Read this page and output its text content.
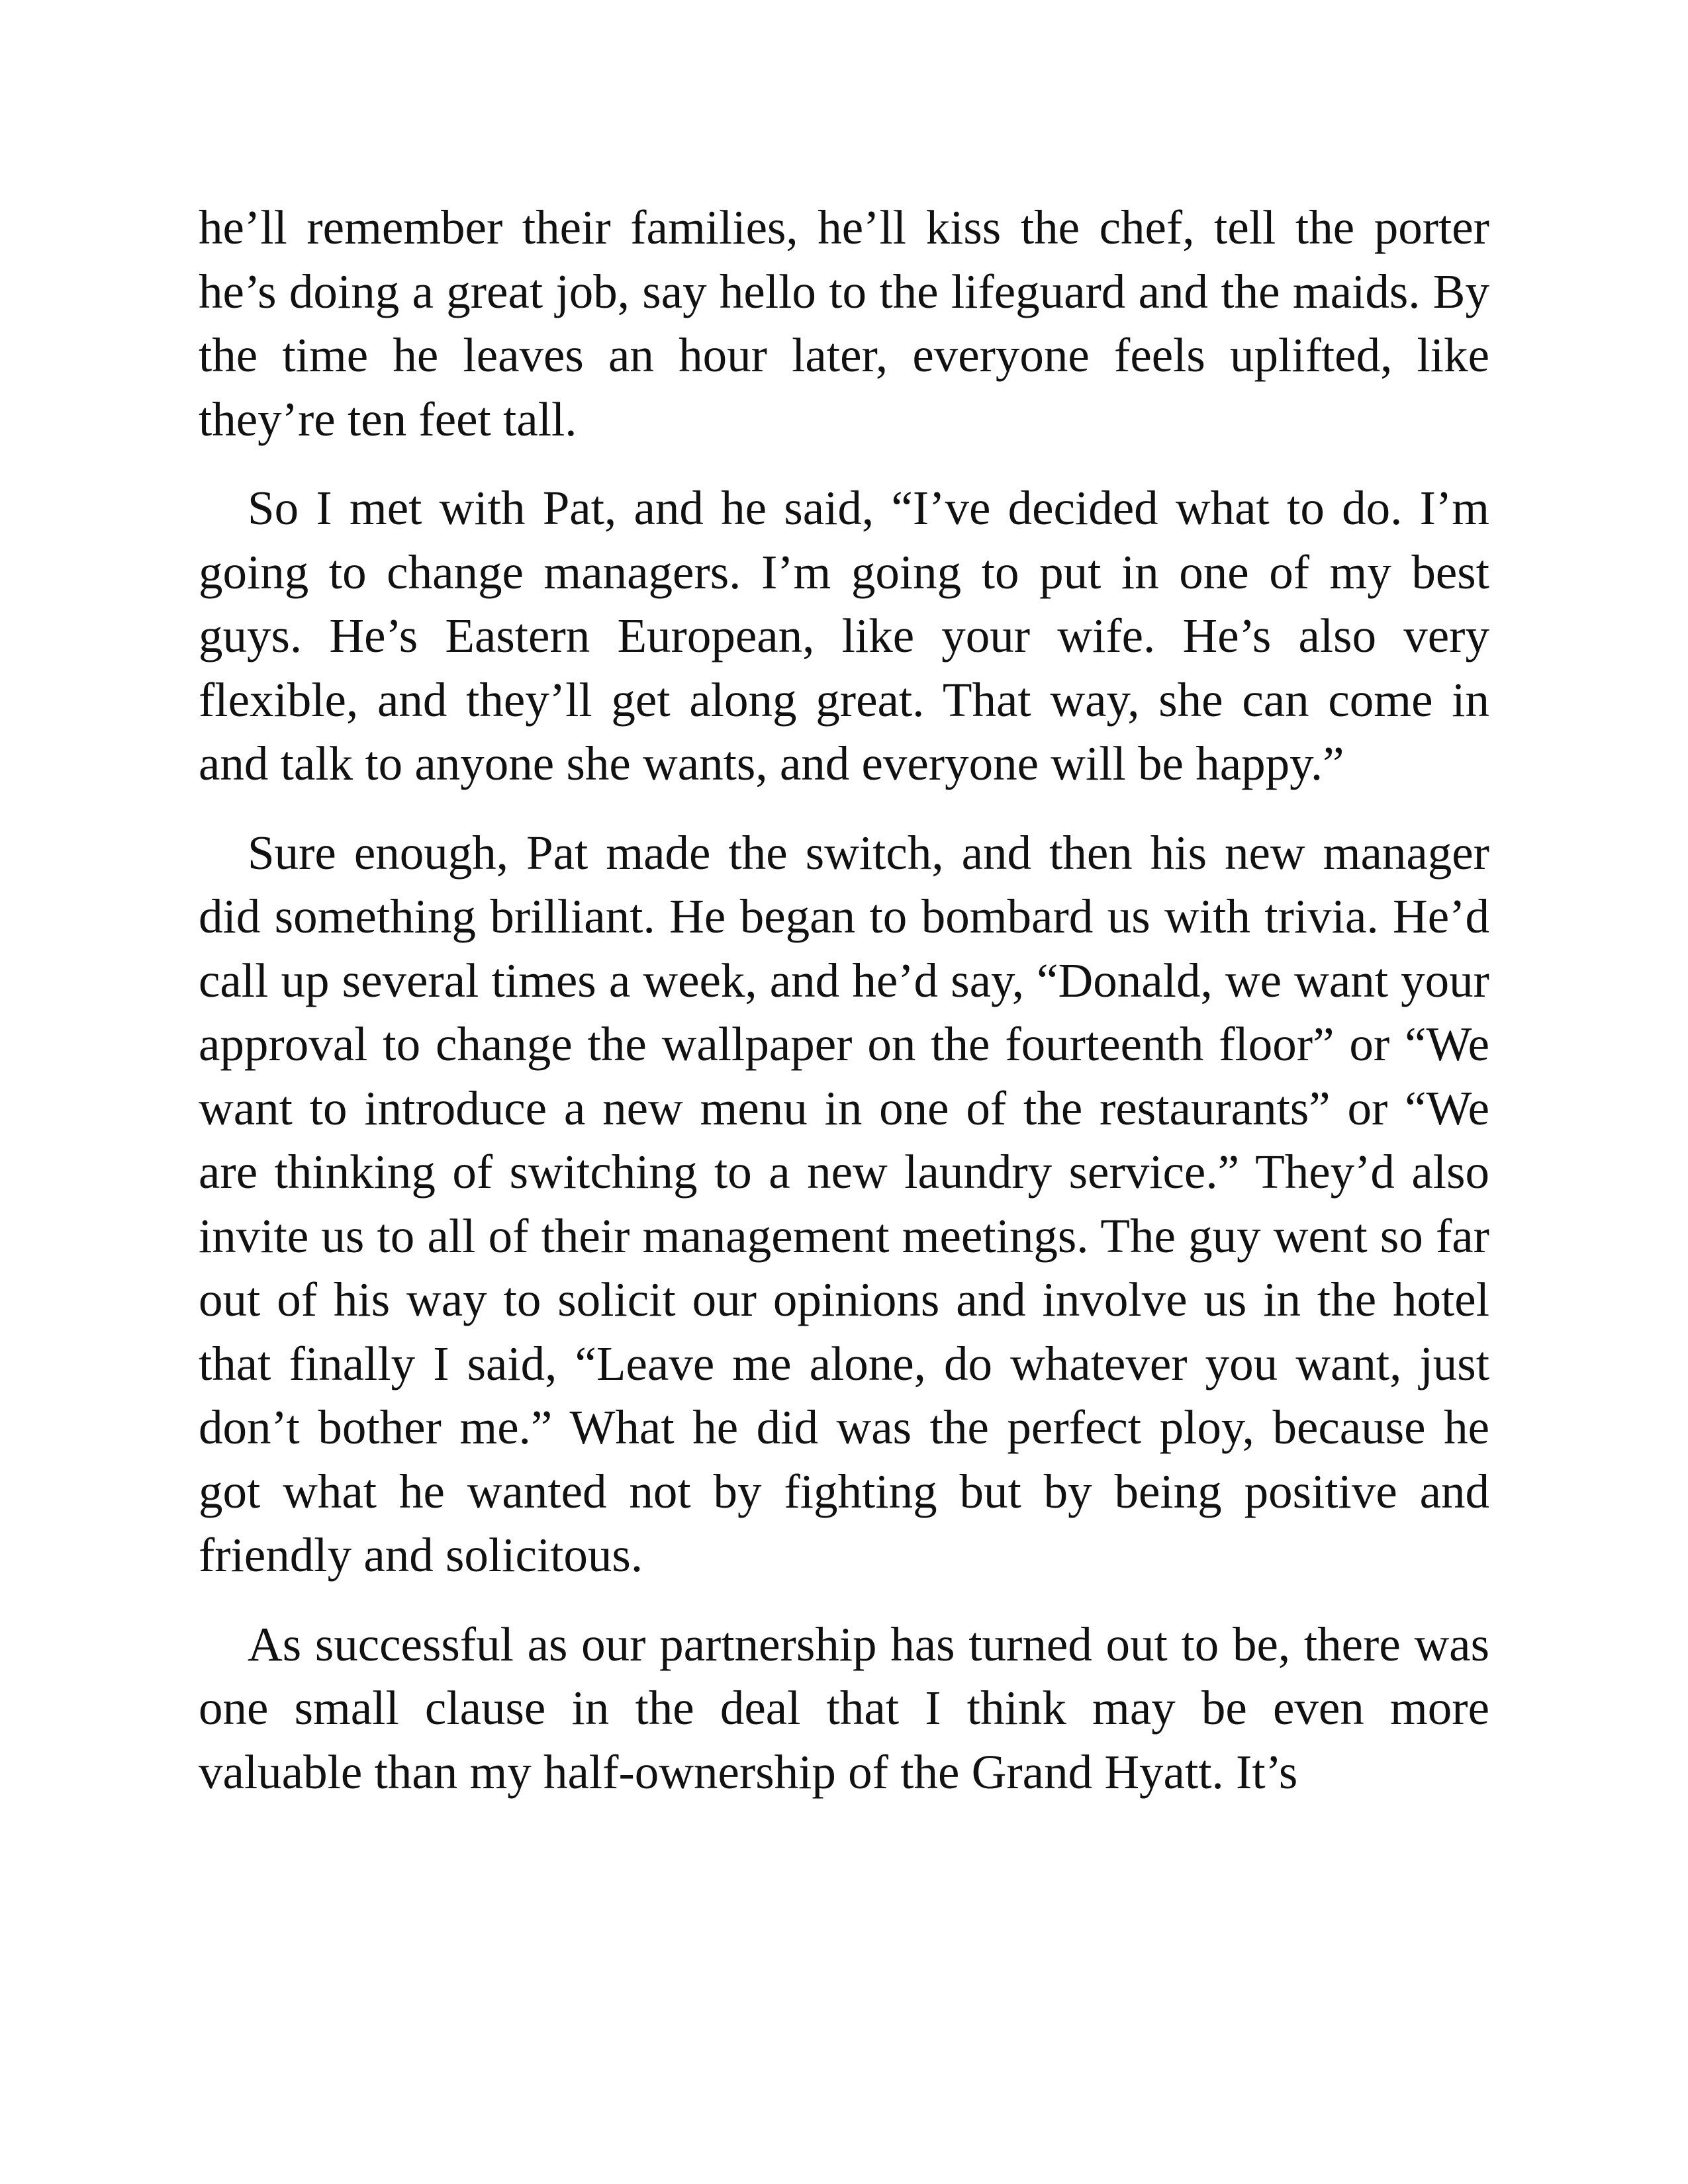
he’ll remember their families, he’ll kiss the chef, tell the porter he’s doing a great job, say hello to the lifeguard and the maids. By the time he leaves an hour later, everyone feels uplifted, like they’re ten feet tall.

So I met with Pat, and he said, “I’ve decided what to do. I’m going to change managers. I’m going to put in one of my best guys. He’s Eastern European, like your wife. He’s also very flexible, and they’ll get along great. That way, she can come in and talk to anyone she wants, and everyone will be happy.”

Sure enough, Pat made the switch, and then his new manager did something brilliant. He began to bombard us with trivia. He’d call up several times a week, and he’d say, “Donald, we want your approval to change the wallpaper on the fourteenth floor” or “We want to introduce a new menu in one of the restaurants” or “We are thinking of switching to a new laundry service.” They’d also invite us to all of their management meetings. The guy went so far out of his way to solicit our opinions and involve us in the hotel that finally I said, “Leave me alone, do whatever you want, just don’t bother me.” What he did was the perfect ploy, because he got what he wanted not by fighting but by being positive and friendly and solicitous.

As successful as our partnership has turned out to be, there was one small clause in the deal that I think may be even more valuable than my half-ownership of the Grand Hyatt. It’s
